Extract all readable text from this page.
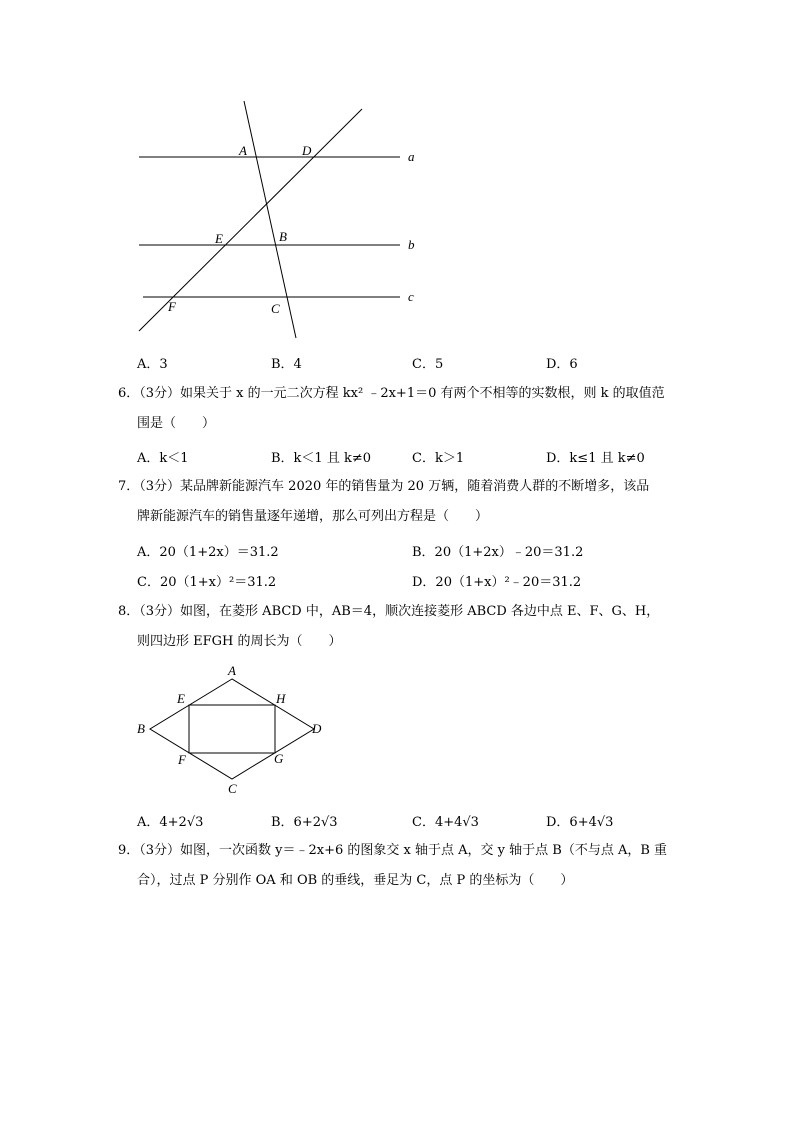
A	D	a
E	B
b
F	C
c
A．3	B．4	C．5	D．6
6．（3分）如果关于 x 的一元二次方程 kx² ﹣2x+1＝0 有两个不相等的实数根，则 k 的取值范
围是（　　）
A．k＜1	B．k＜1 且 k≠0	C．k＞1	D．k≤1 且 k≠0
7．（3分）某品牌新能源汽车 2020 年的销售量为 20 万辆，随着消费人群的不断增多，该品
牌新能源汽车的销售量逐年递增，那么可列出方程是（　　）
A．20（1+2x）＝31.2	B．20（1+2x）﹣20＝31.2
C．20（1+x）²＝31.2	D．20（1+x）²﹣20＝31.2
8．（3分）如图，在菱形 ABCD 中，AB＝4，顺次连接菱形 ABCD 各边中点 E、F、G、H，
则四边形 EFGH 的周长为（　　）
A
E	H
B	D
F	G
C
A．4+2√3	B．6+2√3	C．4+4√3	D．6+4√3
9．（3分）如图，一次函数 y＝﹣2x+6 的图象交 x 轴于点 A，交 y 轴于点 B（不与点 A，B 重
合），过点 P 分别作 OA 和 OB 的垂线，垂足为 C，点 P 的坐标为（　　）
